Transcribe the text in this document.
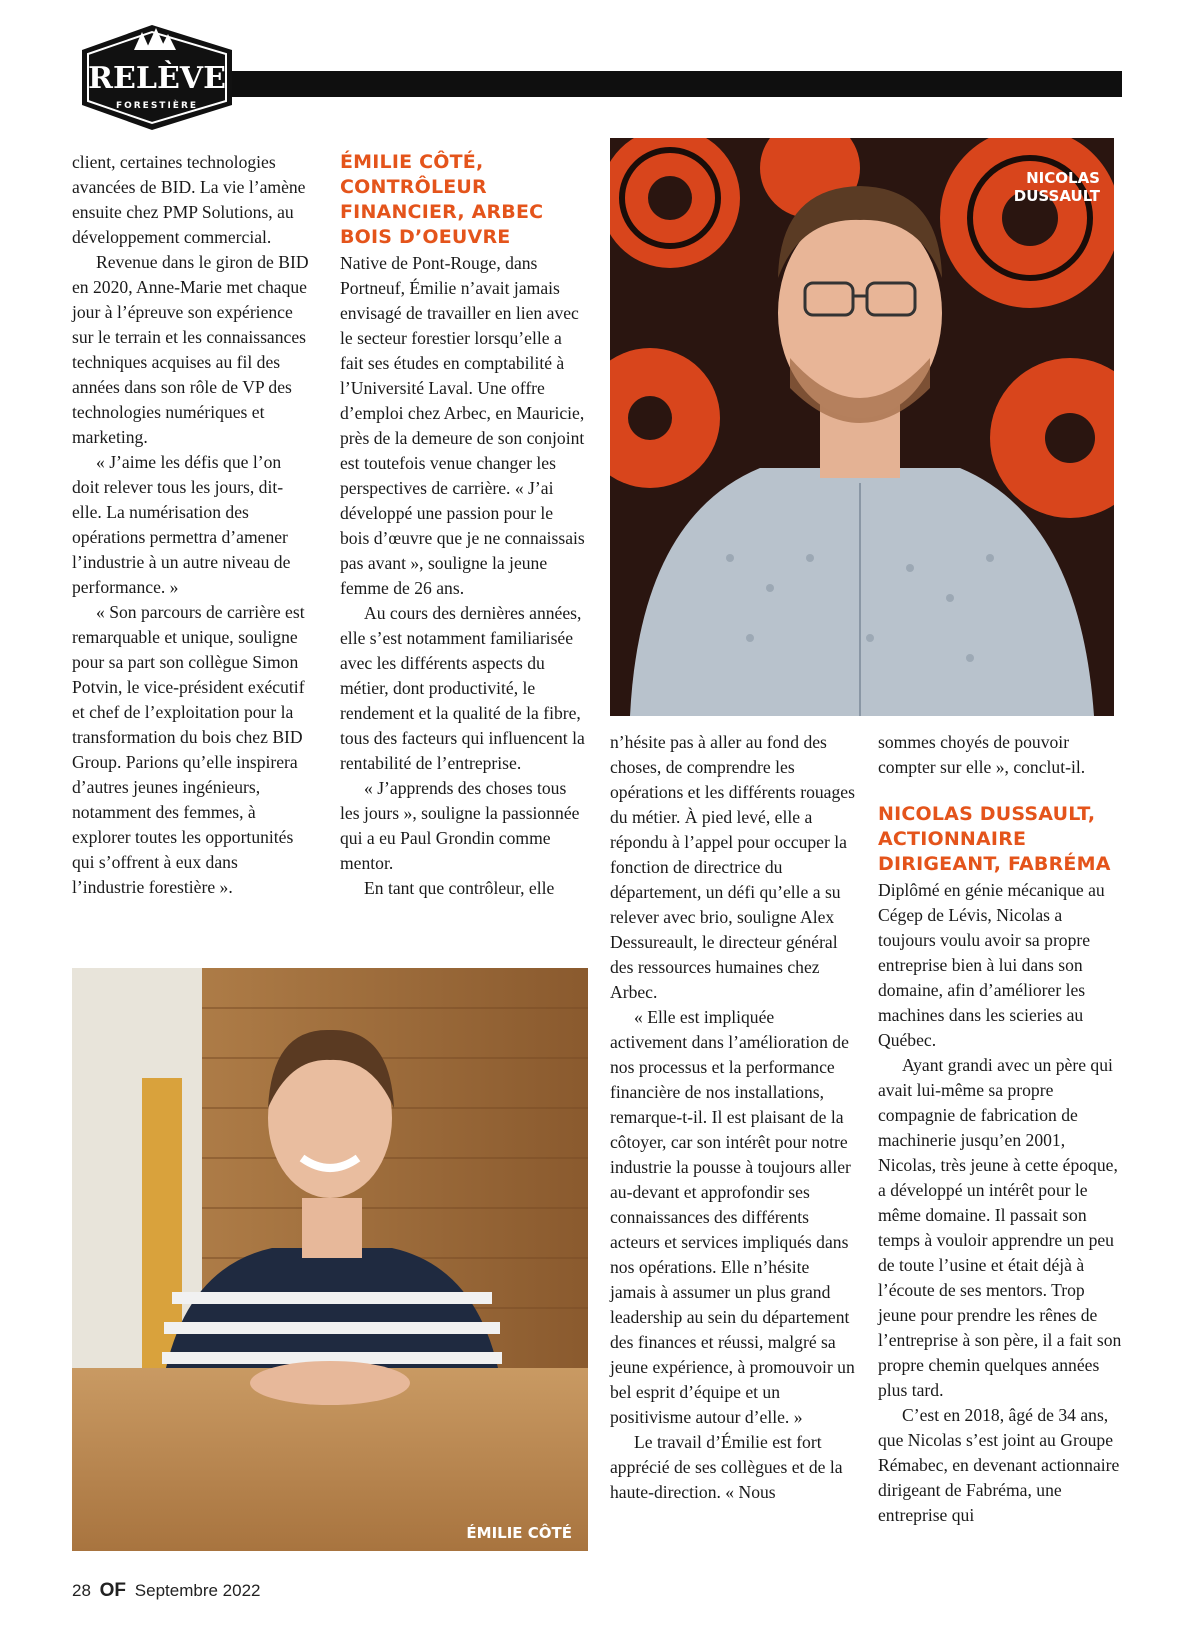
RELÈVE
FORESTIÈRE

client, certaines technologies avancées de BID. La vie l’amène ensuite chez PMP Solutions, au développement commercial.

Revenue dans le giron de BID en 2020, Anne-Marie met chaque jour à l’épreuve son expérience sur le terrain et les connaissances techniques acquises au fil des années dans son rôle de VP des technologies numériques et marketing.

« J’aime les défis que l’on doit relever tous les jours, dit-elle. La numérisation des opérations permettra d’amener l’industrie à un autre niveau de performance. »

« Son parcours de carrière est remarquable et unique, souligne pour sa part son collègue Simon Potvin, le vice-président exécutif et chef de l’exploitation pour la transformation du bois chez BID Group. Parions qu’elle inspirera d’autres jeunes ingénieurs, notamment des femmes, à explorer toutes les opportunités qui s’offrent à eux dans l’industrie forestière ».

ÉMILIE CÔTÉ, CONTRÔLEUR FINANCIER, ARBEC BOIS D’OEUVRE

Native de Pont-Rouge, dans Portneuf, Émilie n’avait jamais envisagé de travailler en lien avec le secteur forestier lorsqu’elle a fait ses études en comptabilité à l’Université Laval. Une offre d’emploi chez Arbec, en Mauricie, près de la demeure de son conjoint est toutefois venue changer les perspectives de carrière. « J’ai développé une passion pour le bois d’œuvre que je ne connaissais pas avant », souligne la jeune femme de 26 ans.

Au cours des dernières années, elle s’est notamment familiarisée avec les différents aspects du métier, dont productivité, le rendement et la qualité de la fibre, tous des facteurs qui influencent la rentabilité de l’entreprise.

« J’apprends des choses tous les jours », souligne la passionnée qui a eu Paul Grondin comme mentor.

En tant que contrôleur, elle

ÉMILIE CÔTÉ
NICOLAS
DUSSAULT

n’hésite pas à aller au fond des choses, de comprendre les opérations et les différents rouages du métier. À pied levé, elle a répondu à l’appel pour occuper la fonction de directrice du département, un défi qu’elle a su relever avec brio, souligne Alex Dessureault, le directeur général des ressources humaines chez Arbec.

« Elle est impliquée activement dans l’amélioration de nos processus et la performance financière de nos installations, remarque-t-il. Il est plaisant de la côtoyer, car son intérêt pour notre industrie la pousse à toujours aller au-devant et approfondir ses connaissances des différents acteurs et services impliqués dans nos opérations. Elle n’hésite jamais à assumer un plus grand leadership au sein du département des finances et réussi, malgré sa jeune expérience, à promouvoir un bel esprit d’équipe et un positivisme autour d’elle. »

Le travail d’Émilie est fort apprécié de ses collègues et de la haute-direction. « Nous

sommes choyés de pouvoir compter sur elle », conclut-il.

NICOLAS DUSSAULT, ACTIONNAIRE DIRIGEANT, FABRÉMA

Diplômé en génie mécanique au Cégep de Lévis, Nicolas a toujours voulu avoir sa propre entreprise bien à lui dans son domaine, afin d’améliorer les machines dans les scieries au Québec.

Ayant grandi avec un père qui avait lui-même sa propre compagnie de fabrication de machinerie jusqu’en 2001, Nicolas, très jeune à cette époque, a développé un intérêt pour le même domaine. Il passait son temps à vouloir apprendre un peu de toute l’usine et était déjà à l’écoute de ses mentors. Trop jeune pour prendre les rênes de l’entreprise à son père, il a fait son propre chemin quelques années plus tard.

C’est en 2018, âgé de 34 ans, que Nicolas s’est joint au Groupe Rémabec, en devenant actionnaire dirigeant de Fabréma, une entreprise qui

28 OF Septembre 2022
